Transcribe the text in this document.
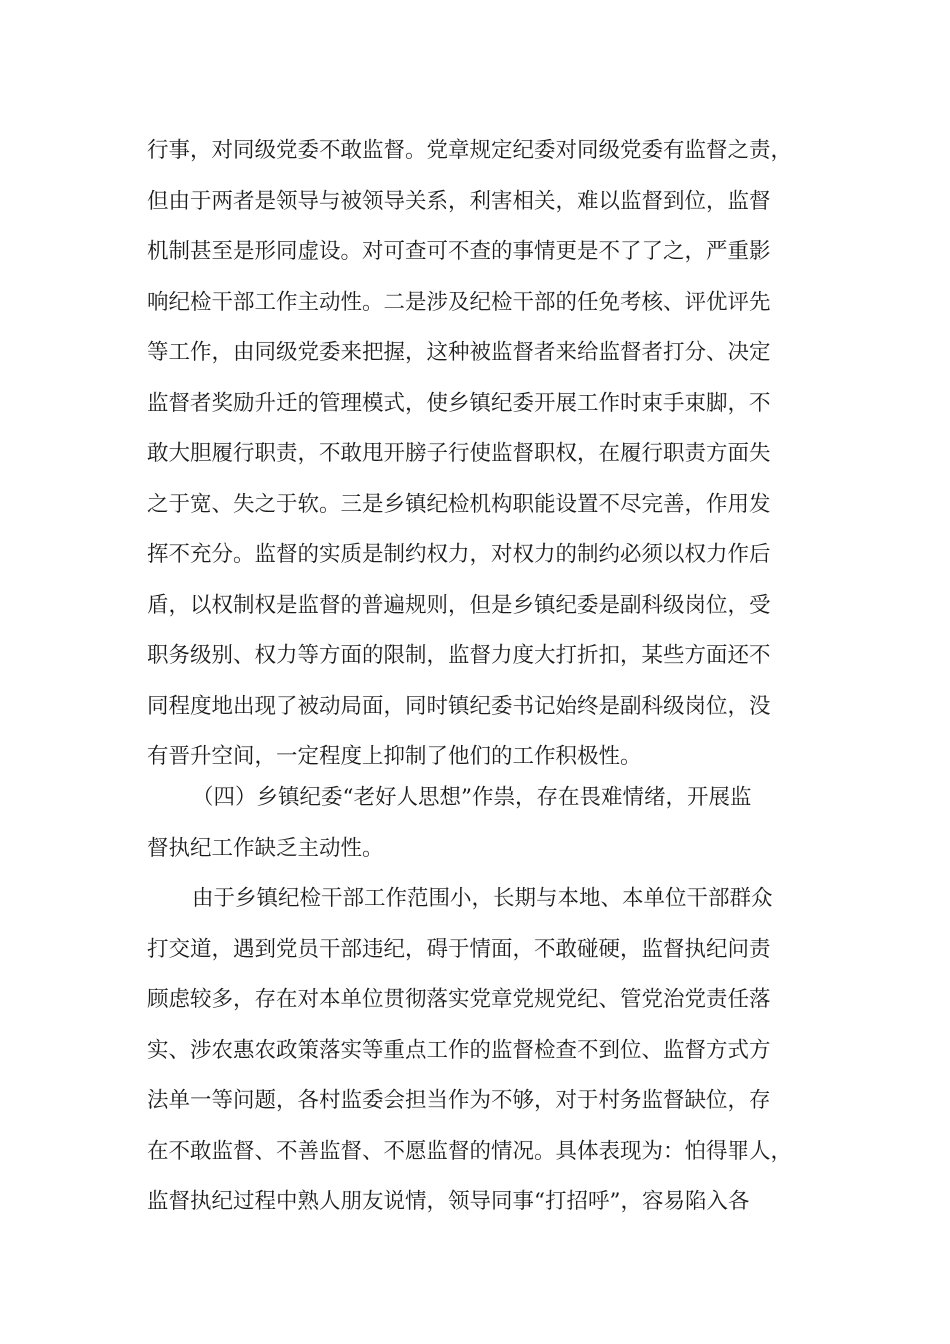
行事，对同级党委不敢监督。党章规定纪委对同级党委有监督之责，
但由于两者是领导与被领导关系，利害相关，难以监督到位，监督
机制甚至是形同虚设。对可查可不查的事情更是不了了之，严重影
响纪检干部工作主动性。二是涉及纪检干部的任免考核、评优评先
等工作，由同级党委来把握，这种被监督者来给监督者打分、决定
监督者奖励升迁的管理模式，使乡镇纪委开展工作时束手束脚，不
敢大胆履行职责，不敢甩开膀子行使监督职权，在履行职责方面失
之于宽、失之于软。三是乡镇纪检机构职能设置不尽完善，作用发
挥不充分。监督的实质是制约权力，对权力的制约必须以权力作后
盾，以权制权是监督的普遍规则，但是乡镇纪委是副科级岗位，受
职务级别、权力等方面的限制，监督力度大打折扣，某些方面还不
同程度地出现了被动局面，同时镇纪委书记始终是副科级岗位，没
有晋升空间，一定程度上抑制了他们的工作积极性。
（四）乡镇纪委“老好人思想”作祟，存在畏难情绪，开展监
督执纪工作缺乏主动性。
由于乡镇纪检干部工作范围小，长期与本地、本单位干部群众
打交道，遇到党员干部违纪，碍于情面，不敢碰硬，监督执纪问责
顾虑较多，存在对本单位贯彻落实党章党规党纪、管党治党责任落
实、涉农惠农政策落实等重点工作的监督检查不到位、监督方式方
法单一等问题，各村监委会担当作为不够，对于村务监督缺位，存
在不敢监督、不善监督、不愿监督的情况。具体表现为：怕得罪人，
监督执纪过程中熟人朋友说情，领导同事“打招呼”，容易陷入各
